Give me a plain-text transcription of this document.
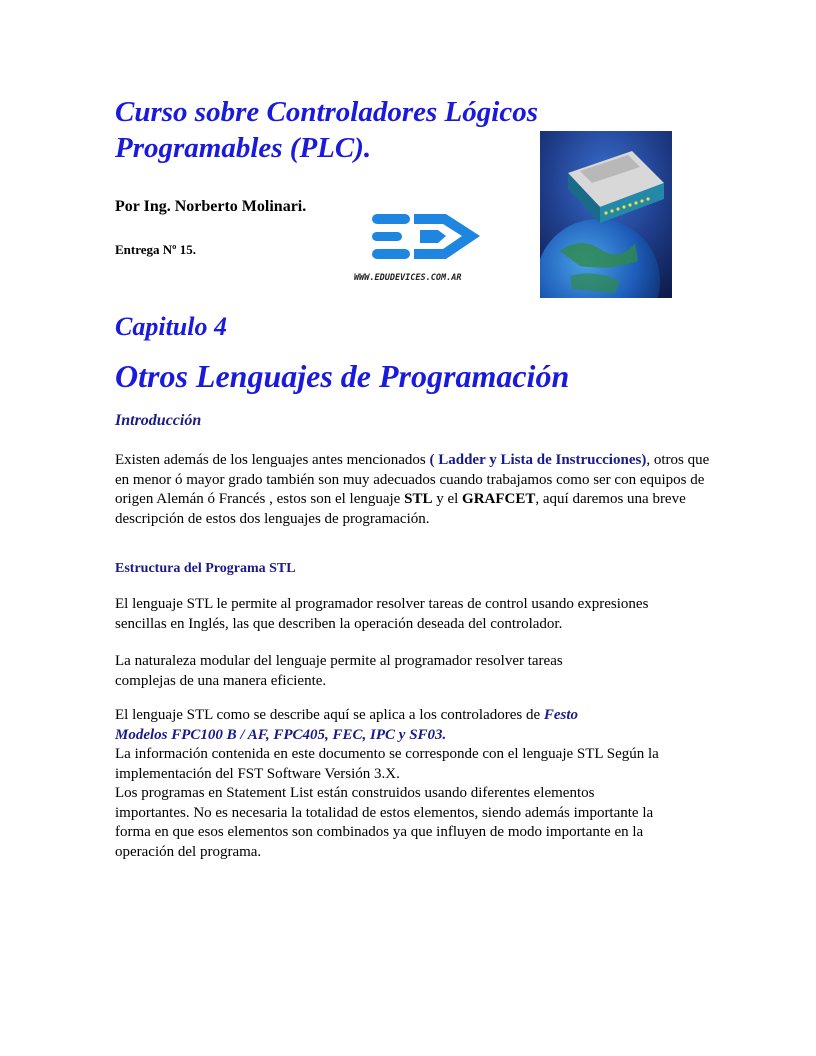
Curso sobre Controladores Lógicos
Programables (PLC).

Por Ing. Norberto Molinari.

Entrega Nº 15.

WWW.EDUDEVICES.COM.AR
Capitulo 4
Otros Lenguajes de Programación
Introducción

Existen además de los lenguajes antes mencionados ( Ladder y Lista de Instrucciones), otros que en menor ó mayor grado también son muy adecuados cuando trabajamos como ser con equipos de origen Alemán ó Francés , estos son el lenguaje STL y el GRAFCET, aquí daremos una breve descripción de estos dos lenguajes de programación.

Estructura del Programa STL

El lenguaje STL le permite al programador resolver tareas de control usando expresiones
sencillas en Inglés, las que describen la operación deseada del controlador.

La naturaleza modular del lenguaje permite al programador resolver tareas
complejas de una manera eficiente.

El lenguaje STL como se describe aquí se aplica a los controladores de Festo
Modelos FPC100 B / AF, FPC405, FEC, IPC y SF03.
La información contenida en este documento se corresponde con el lenguaje STL Según la
implementación del FST Software Versión 3.X.
Los programas en Statement List están construidos usando diferentes elementos
importantes. No es necesaria la totalidad de estos elementos, siendo además importante la
forma en que esos elementos son combinados ya que influyen de modo importante en la
operación del programa.
